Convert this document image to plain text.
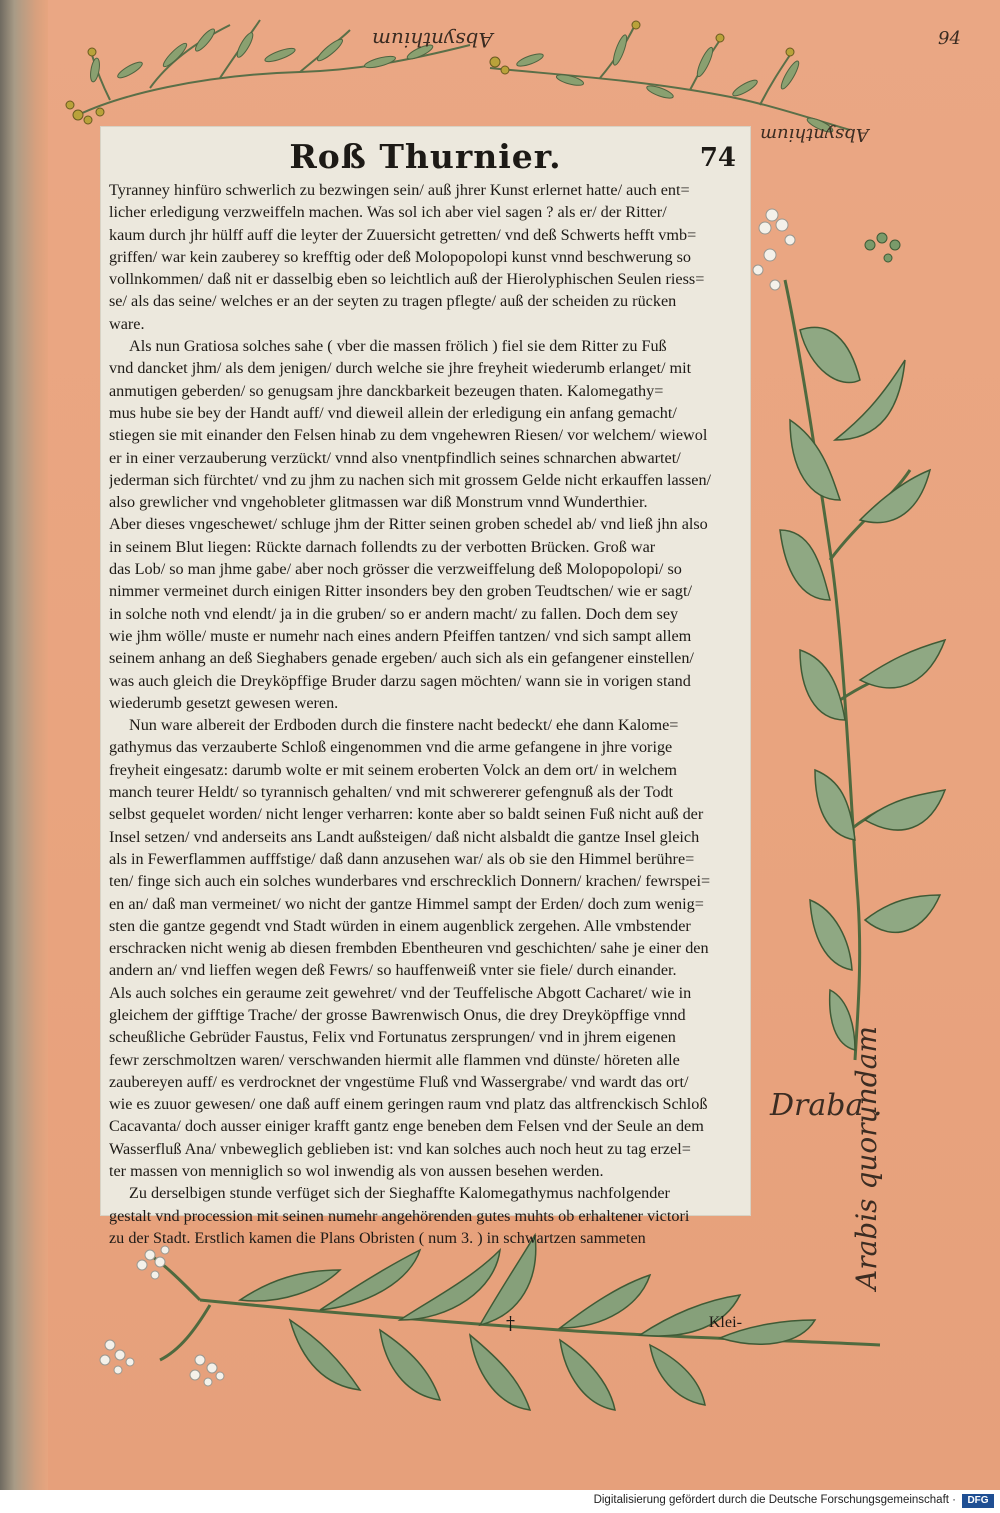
Roß Thurnier.	74
Tyranney hinfüro schwerlich zu bezwingen sein/ auß jhrer Kunst erlernet hatte/ auch ent=
licher erledigung verzweiffeln machen. Was sol ich aber viel sagen ? als er/ der Ritter/
kaum durch jhr hülff auff die leyter der Zuuersicht getretten/ vnd deß Schwerts hefft vmb=
griffen/ war kein zauberey so krefftig oder deß Molopopolopi kunst vnnd beschwerung so
vollnkommen/ daß nit er dasselbig eben so leichtlich auß der Hierolyphischen Seulen riess=
se/ als das seine/ welches er an der seyten zu tragen pflegte/ auß der scheiden zu rücken
ware.
Als nun Gratiosa solches sahe ( vber die massen frölich ) fiel sie dem Ritter zu Fuß
vnd dancket jhm/ als dem jenigen/ durch welche sie jhre freyheit wiederumb erlanget/ mit
anmutigen geberden/ so genugsam jhre danckbarkeit bezeugen thaten. Kalomegathy=
mus hube sie bey der Handt auff/ vnd dieweil allein der erledigung ein anfang gemacht/
stiegen sie mit einander den Felsen hinab zu dem vngehewren Riesen/ vor welchem/ wiewol
er in einer verzauberung verzückt/ vnnd also vnentpfindlich seines schnarchen abwartet/
jederman sich fürchtet/ vnd zu jhm zu nachen sich mit grossem Gelde nicht erkauffen lassen/
also grewlicher vnd vngehobleter glitmassen war diß Monstrum vnnd Wunderthier.
Aber dieses vngeschewet/ schluge jhm der Ritter seinen groben schedel ab/ vnd ließ jhn also
in seinem Blut liegen: Rückte darnach follendts zu der verbotten Brücken. Groß war
das Lob/ so man jhme gabe/ aber noch grösser die verzweiffelung deß Molopopolopi/ so
nimmer vermeinet durch einigen Ritter insonders bey den groben Teudtschen/ wie er sagt/
in solche noth vnd elendt/ ja in die gruben/ so er andern macht/ zu fallen. Doch dem sey
wie jhm wölle/ muste er numehr nach eines andern Pfeiffen tantzen/ vnd sich sampt allem
seinem anhang an deß Sieghabers genade ergeben/ auch sich als ein gefangener einstellen/
was auch gleich die Dreyköpffige Bruder darzu sagen möchten/ wann sie in vorigen stand
wiederumb gesetzt gewesen weren.
Nun ware albereit der Erdboden durch die finstere nacht bedeckt/ ehe dann Kalome=
gathymus das verzauberte Schloß eingenommen vnd die arme gefangene in jhre vorige
freyheit eingesatz: darumb wolte er mit seinem eroberten Volck an dem ort/ in welchem
manch teurer Heldt/ so tyrannisch gehalten/ vnd mit schwererer gefengnuß als der Todt
selbst gequelet worden/ nicht lenger verharren: konte aber so baldt seinen Fuß nicht auß der
Insel setzen/ vnd anderseits ans Landt außsteigen/ daß nicht alsbaldt die gantze Insel gleich
als in Fewerflammen aufffstige/ daß dann anzusehen war/ als ob sie den Himmel berühre=
ten/ finge sich auch ein solches wunderbares vnd erschrecklich Donnern/ krachen/ fewrspei=
en an/ daß man vermeinet/ wo nicht der gantze Himmel sampt der Erden/ doch zum wenig=
sten die gantze gegendt vnd Stadt würden in einem augenblick zergehen. Alle vmbstender
erschracken nicht wenig ab diesen frembden Ebentheuren vnd geschichten/ sahe je einer den
andern an/ vnd lieffen wegen deß Fewrs/ so hauffenweiß vnter sie fiele/ durch einander.
Als auch solches ein geraume zeit gewehret/ vnd der Teuffelische Abgott Cacharet/ wie in
gleichem der gifftige Trache/ der grosse Bawrenwisch Onus, die drey Dreyköpffige vnnd
scheußliche Gebrüder Faustus, Felix vnd Fortunatus zersprungen/ vnd in jhrem eigenen
fewr zerschmoltzen waren/ verschwanden hiermit alle flammen vnd dünste/ höreten alle
zaubereyen auff/ es verdrocknet der vngestüme Fluß vnd Wassergrabe/ vnd wardt das ort/
wie es zuuor gewesen/ one daß auff einem geringen raum vnd platz das altfrenckisch Schloß
Cacavanta/ doch ausser einiger krafft gantz enge beneben dem Felsen vnd der Seule an dem
Wasserfluß Ana/ vnbeweglich geblieben ist: vnd kan solches auch noch heut zu tag erzel=
ter massen von menniglich so wol inwendig als von aussen besehen werden.
Zu derselbigen stunde verfüget sich der Sieghaffte Kalomegathymus nachfolgender
gestalt vnd procession mit seinen numehr angehörenden gutes muhts ob erhaltener victori
zu der Stadt. Erstlich kamen die Plans Obristen ( num 3. ) in schwartzen sammeten
†	Klei-
94
Absynthium
Absynthium
Draba .
Arabis quorundam
Digitalisierung gefördert durch die Deutsche Forschungsgemeinschaft ·	DFG
